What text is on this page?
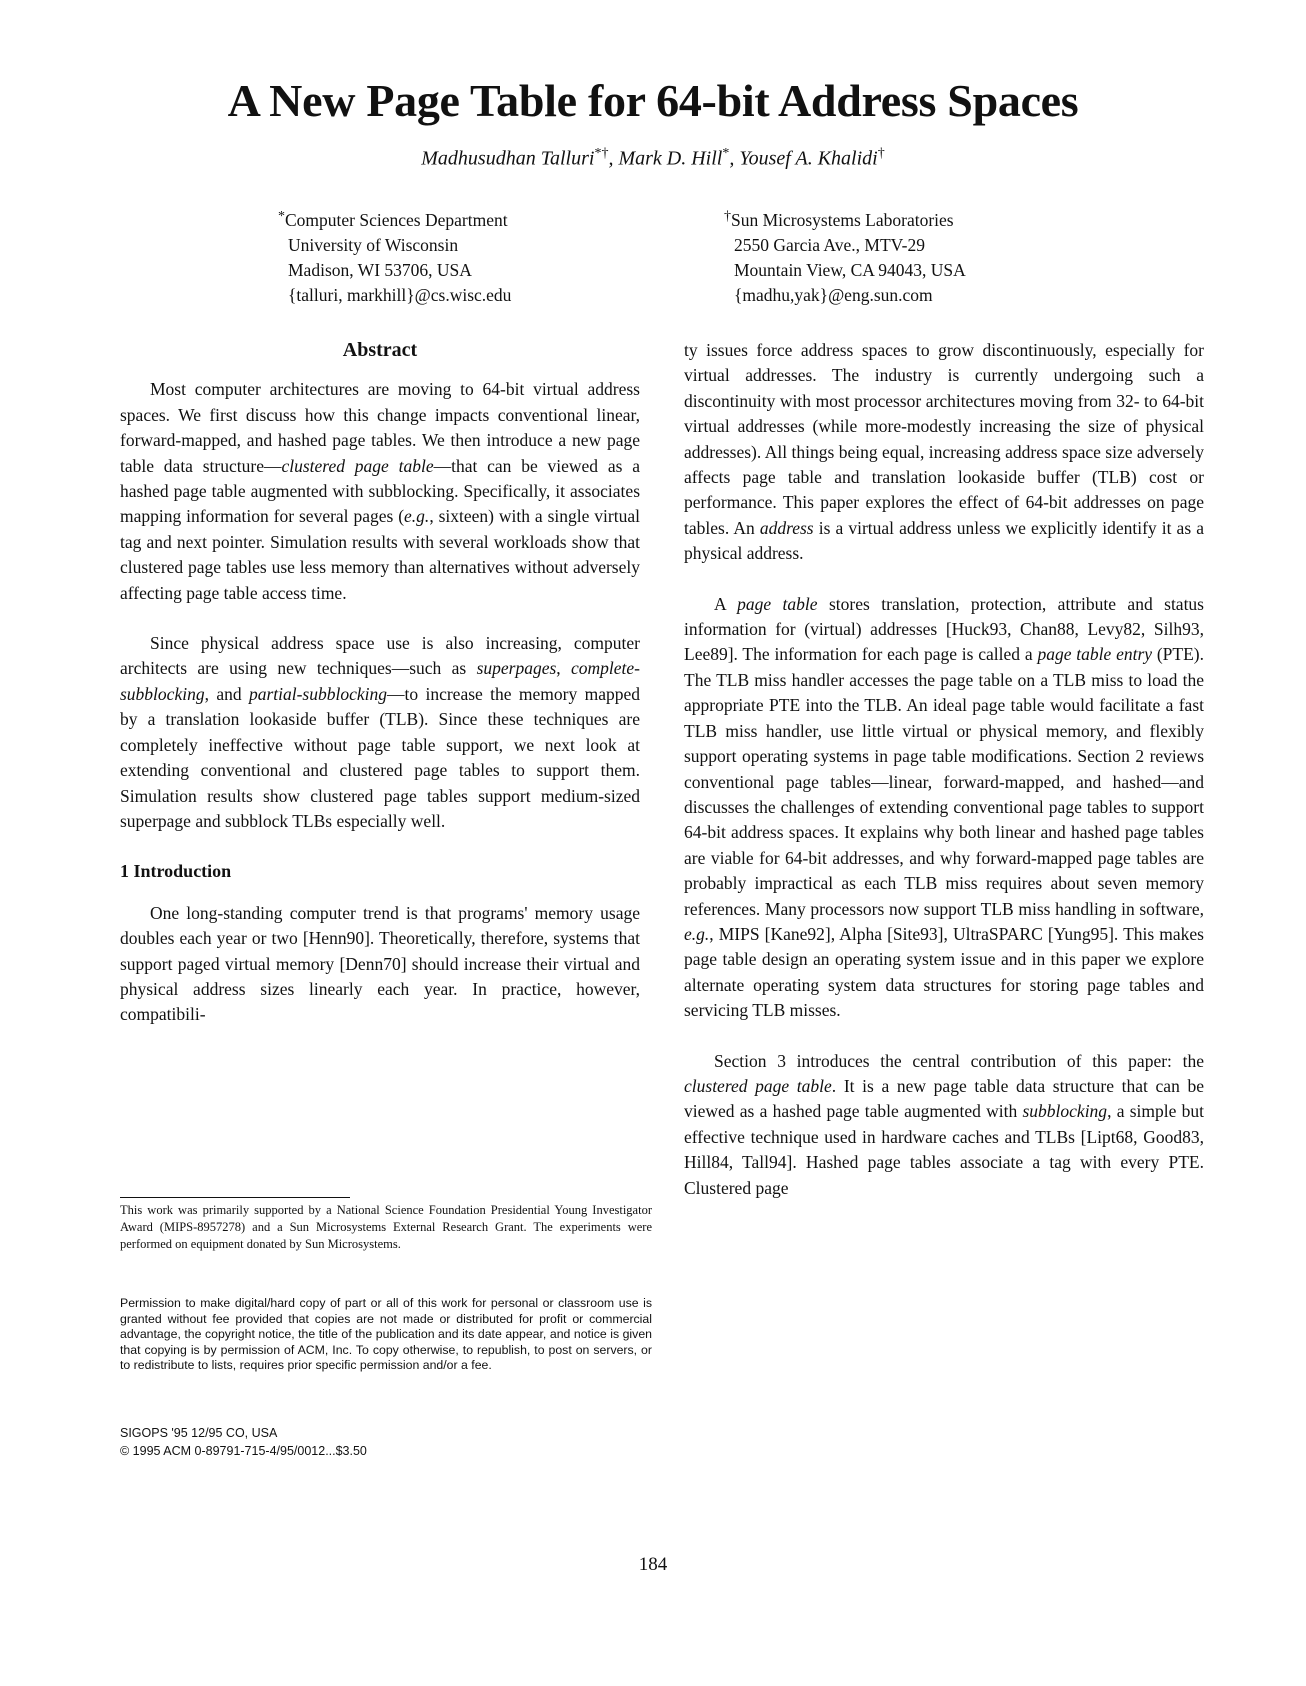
A New Page Table for 64-bit Address Spaces
Madhusudhan Talluri*†, Mark D. Hill*, Yousef A. Khalidi†
*Computer Sciences Department
University of Wisconsin
Madison, WI 53706, USA
{talluri, markhill}@cs.wisc.edu
†Sun Microsystems Laboratories
2550 Garcia Ave., MTV-29
Mountain View, CA 94043, USA
{madhu,yak}@eng.sun.com
Abstract

Most computer architectures are moving to 64-bit virtual address spaces. We first discuss how this change impacts conventional linear, forward-mapped, and hashed page tables. We then introduce a new page table data structure—clustered page table—that can be viewed as a hashed page table augmented with subblocking. Specifically, it associates mapping information for several pages (e.g., sixteen) with a single virtual tag and next pointer. Simulation results with several workloads show that clustered page tables use less memory than alternatives without adversely affecting page table access time.

Since physical address space use is also increasing, computer architects are using new techniques—such as superpages, complete-subblocking, and partial-subblocking—to increase the memory mapped by a translation lookaside buffer (TLB). Since these techniques are completely ineffective without page table support, we next look at extending conventional and clustered page tables to support them. Simulation results show clustered page tables support medium-sized superpage and subblock TLBs especially well.

1 Introduction

One long-standing computer trend is that programs' memory usage doubles each year or two [Henn90]. Theoretically, therefore, systems that support paged virtual memory [Denn70] should increase their virtual and physical address sizes linearly each year. In practice, however, compatibili-

ty issues force address spaces to grow discontinuously, especially for virtual addresses. The industry is currently undergoing such a discontinuity with most processor architectures moving from 32- to 64-bit virtual addresses (while more-modestly increasing the size of physical addresses). All things being equal, increasing address space size adversely affects page table and translation lookaside buffer (TLB) cost or performance. This paper explores the effect of 64-bit addresses on page tables. An address is a virtual address unless we explicitly identify it as a physical address.

A page table stores translation, protection, attribute and status information for (virtual) addresses [Huck93, Chan88, Levy82, Silh93, Lee89]. The information for each page is called a page table entry (PTE). The TLB miss handler accesses the page table on a TLB miss to load the appropriate PTE into the TLB. An ideal page table would facilitate a fast TLB miss handler, use little virtual or physical memory, and flexibly support operating systems in page table modifications. Section 2 reviews conventional page tables—linear, forward-mapped, and hashed—and discusses the challenges of extending conventional page tables to support 64-bit address spaces. It explains why both linear and hashed page tables are viable for 64-bit addresses, and why forward-mapped page tables are probably impractical as each TLB miss requires about seven memory references. Many processors now support TLB miss handling in software, e.g., MIPS [Kane92], Alpha [Site93], UltraSPARC [Yung95]. This makes page table design an operating system issue and in this paper we explore alternate operating system data structures for storing page tables and servicing TLB misses.

Section 3 introduces the central contribution of this paper: the clustered page table. It is a new page table data structure that can be viewed as a hashed page table augmented with subblocking, a simple but effective technique used in hardware caches and TLBs [Lipt68, Good83, Hill84, Tall94]. Hashed page tables associate a tag with every PTE. Clustered page

This work was primarily supported by a National Science Foundation Presidential Young Investigator Award (MIPS-8957278) and a Sun Microsystems External Research Grant. The experiments were performed on equipment donated by Sun Microsystems.
Permission to make digital/hard copy of part or all of this work for personal or classroom use is granted without fee provided that copies are not made or distributed for profit or commercial advantage, the copyright notice, the title of the publication and its date appear, and notice is given that copying is by permission of ACM, Inc. To copy otherwise, to republish, to post on servers, or to redistribute to lists, requires prior specific permission and/or a fee.
SIGOPS '95 12/95 CO, USA
© 1995 ACM 0-89791-715-4/95/0012...$3.50
184
